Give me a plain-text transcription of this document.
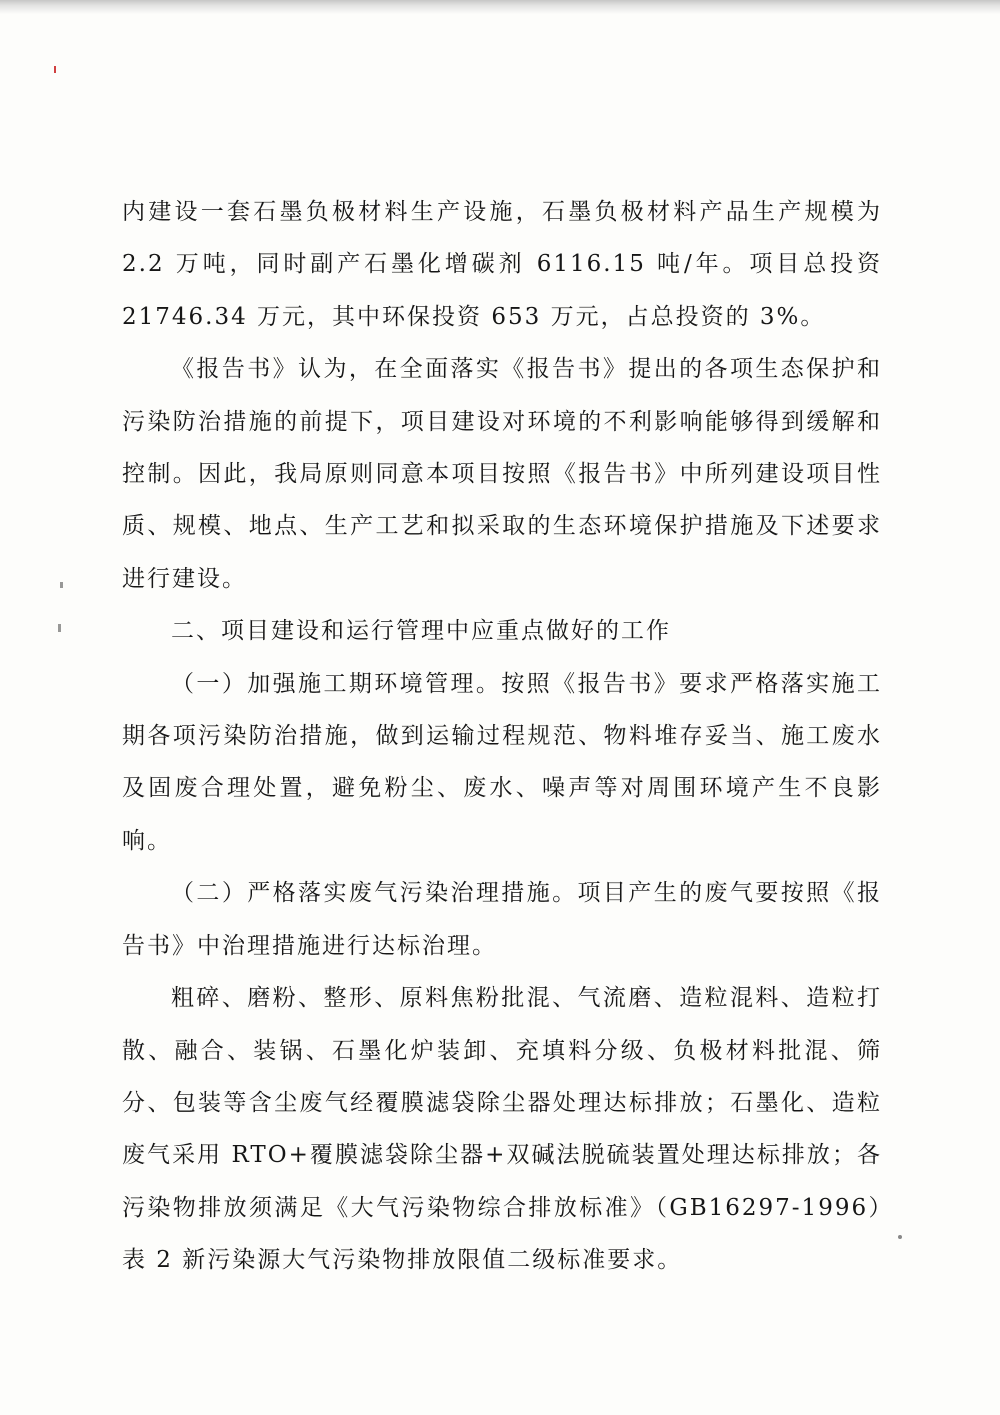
内建设一套石墨负极材料生产设施，石墨负极材料产品生产规模为 2.2 万吨，同时副产石墨化增碳剂 6116.15 吨/年。项目总投资 21746.34 万元，其中环保投资 653 万元，占总投资的 3%。

《报告书》认为，在全面落实《报告书》提出的各项生态保护和污染防治措施的前提下，项目建设对环境的不利影响能够得到缓解和控制。因此，我局原则同意本项目按照《报告书》中所列建设项目性质、规模、地点、生产工艺和拟采取的生态环境保护措施及下述要求进行建设。

二、项目建设和运行管理中应重点做好的工作

（一）加强施工期环境管理。按照《报告书》要求严格落实施工期各项污染防治措施，做到运输过程规范、物料堆存妥当、施工废水及固废合理处置，避免粉尘、废水、噪声等对周围环境产生不良影响。

（二）严格落实废气污染治理措施。项目产生的废气要按照《报告书》中治理措施进行达标治理。

粗碎、磨粉、整形、原料焦粉批混、气流磨、造粒混料、造粒打散、融合、装锅、石墨化炉装卸、充填料分级、负极材料批混、筛分、包装等含尘废气经覆膜滤袋除尘器处理达标排放；石墨化、造粒废气采用 RTO+覆膜滤袋除尘器+双碱法脱硫装置处理达标排放；各污染物排放须满足《大气污染物综合排放标准》（GB16297-1996）表 2 新污染源大气污染物排放限值二级标准要求。
